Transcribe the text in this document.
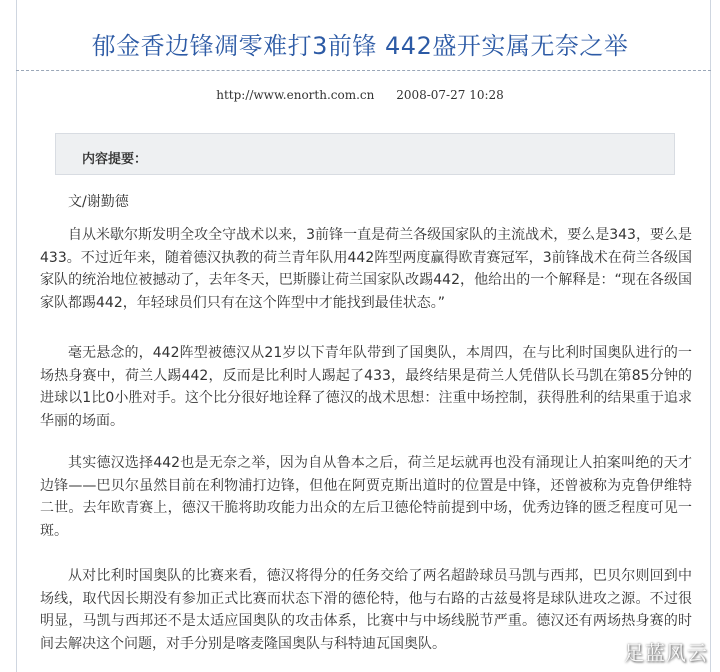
郁金香边锋凋零难打3前锋 442盛开实属无奈之举
http://www.enorth.com.cn 2008-07-27 10:28
内容提要：
文/谢勤德

自从米歇尔斯发明全攻全守战术以来，3前锋一直是荷兰各级国家队的主流战术，要么是343，要么是433。不过近年来，随着德汉执教的荷兰青年队用442阵型两度赢得欧青赛冠军，3前锋战术在荷兰各级国家队的统治地位被撼动了，去年冬天，巴斯滕让荷兰国家队改踢442，他给出的一个解释是：“现在各级国家队都踢442，年轻球员们只有在这个阵型中才能找到最佳状态。”

毫无悬念的，442阵型被德汉从21岁以下青年队带到了国奥队，本周四，在与比利时国奥队进行的一场热身赛中，荷兰人踢442，反而是比利时人踢起了433，最终结果是荷兰人凭借队长马凯在第85分钟的进球以1比0小胜对手。这个比分很好地诠释了德汉的战术思想：注重中场控制，获得胜利的结果重于追求华丽的场面。

其实德汉选择442也是无奈之举，因为自从鲁本之后，荷兰足坛就再也没有涌现让人拍案叫绝的天才边锋——巴贝尔虽然目前在利物浦打边锋，但他在阿贾克斯出道时的位置是中锋，还曾被称为克鲁伊维特二世。去年欧青赛上，德汉干脆将助攻能力出众的左后卫德伦特前提到中场，优秀边锋的匮乏程度可见一斑。

从对比利时国奥队的比赛来看，德汉将得分的任务交给了两名超龄球员马凯与西邦，巴贝尔则回到中场线，取代因长期没有参加正式比赛而状态下滑的德伦特，他与右路的古兹曼将是球队进攻之源。不过很明显，马凯与西邦还不是太适应国奥队的攻击体系，比赛中与中场线脱节严重。德汉还有两场热身赛的时间去解决这个问题，对手分别是喀麦隆国奥队与科特迪瓦国奥队。	足蓝风云
